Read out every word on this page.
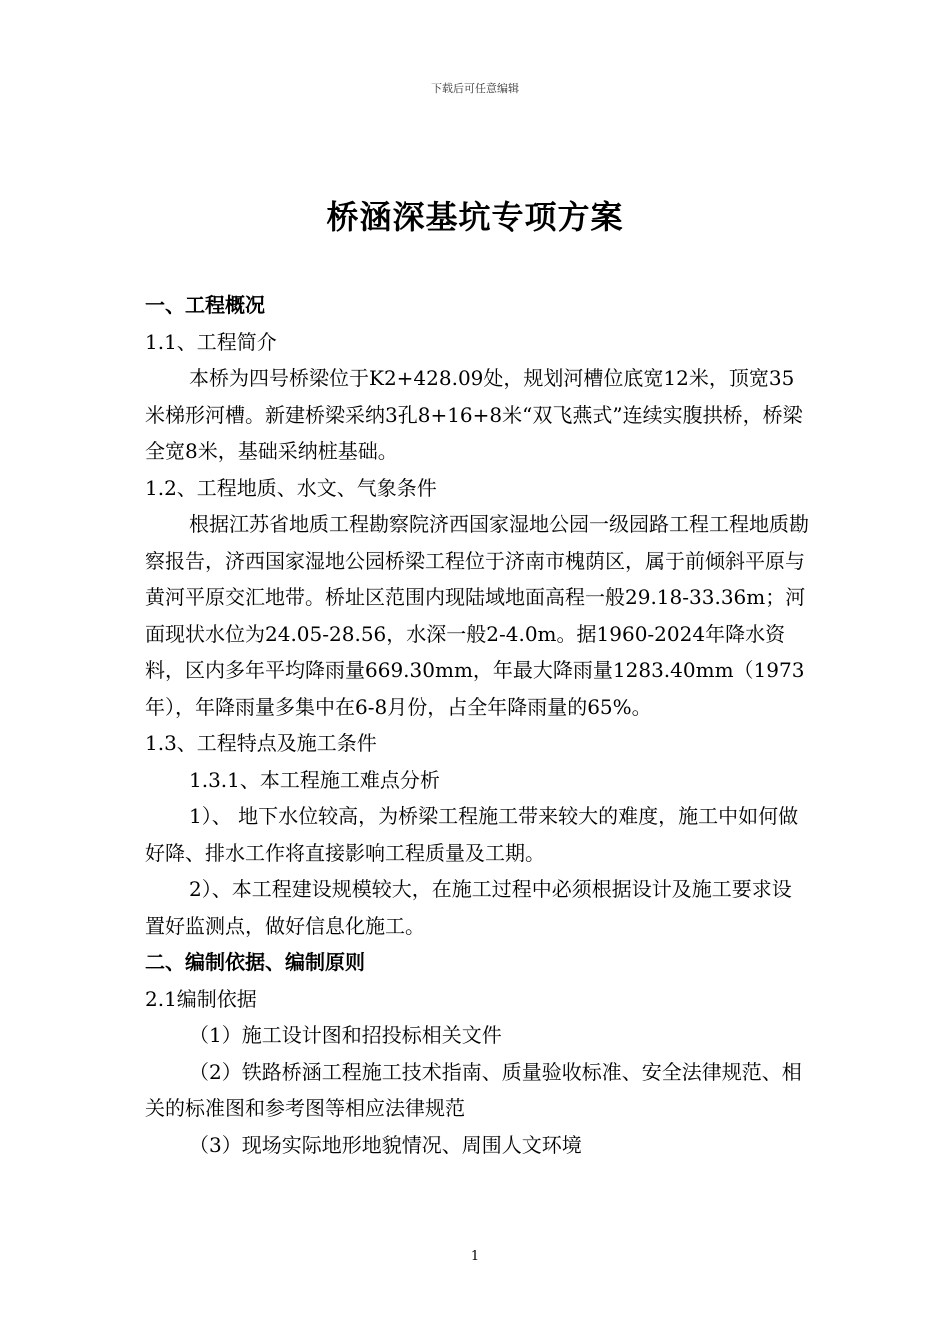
下载后可任意编辑
桥涵深基坑专项方案

一、工程概况

1.1、工程简介

本桥为四号桥梁位于K2+428.09处，规划河槽位底宽12米，顶宽35米梯形河槽。新建桥梁采纳3孔8+16+8米“双飞燕式”连续实腹拱桥，桥梁全宽8米，基础采纳桩基础。

1.2、工程地质、水文、气象条件

根据江苏省地质工程勘察院济西国家湿地公园一级园路工程工程地质勘察报告，济西国家湿地公园桥梁工程位于济南市槐荫区，属于前倾斜平原与黄河平原交汇地带。桥址区范围内现陆域地面高程一般29.18-33.36m；河面现状水位为24.05-28.56，水深一般2-4.0m。据1960-2024年降水资料，区内多年平均降雨量669.30mm，年最大降雨量1283.40mm（1973年），年降雨量多集中在6-8月份，占全年降雨量的65%。

1.3、工程特点及施工条件

1.3.1、本工程施工难点分析

1）、 地下水位较高，为桥梁工程施工带来较大的难度，施工中如何做好降、排水工作将直接影响工程质量及工期。

2）、本工程建设规模较大，在施工过程中必须根据设计及施工要求设置好监测点，做好信息化施工。

二、编制依据、编制原则

2.1编制依据

（1）施工设计图和招投标相关文件

（2）铁路桥涵工程施工技术指南、质量验收标准、安全法律规范、相关的标准图和参考图等相应法律规范

（3）现场实际地形地貌情况、周围人文环境

1
